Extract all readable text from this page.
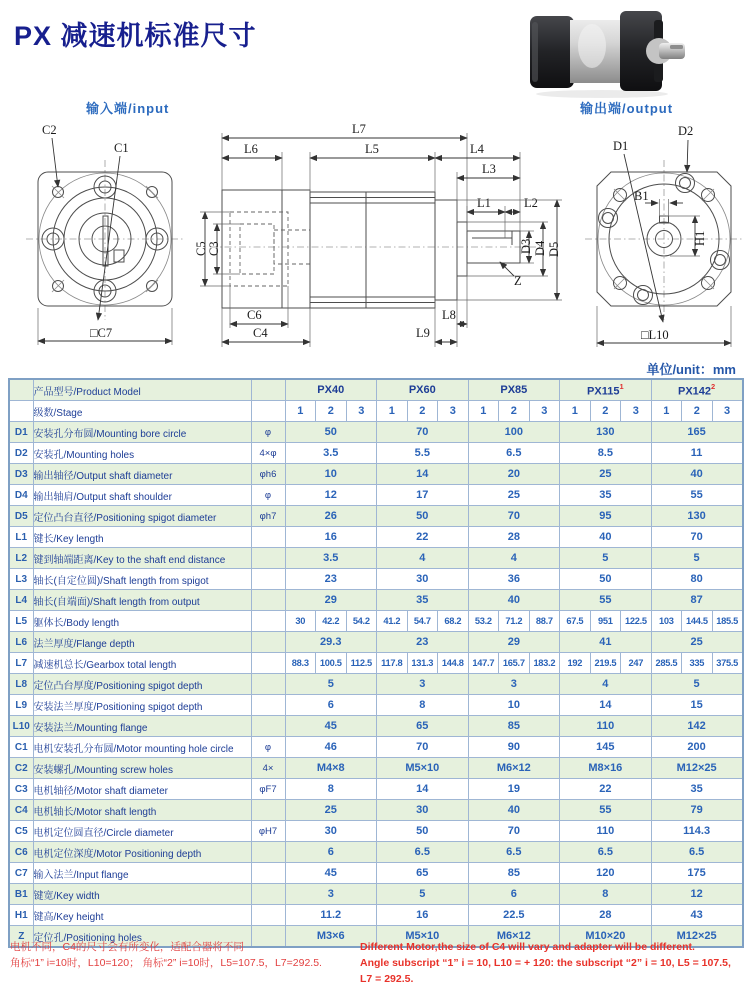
PX 减速机标准尺寸
输入端/input	输出端/output
C2
C1
□C7
L7
L6	L5	L4
L3
L1	L2
C5 C3	D3 D4 D5
Z
C6
C4	L9
L8
B1
H1
D1
D2
□L10
单位/unit：mm
	产品型号/Product Model		PX40			PX60			PX85			$PX115^1$			$PX142^2$
	级数/Stage		1	2	3	1	2	3	1	2	3	1	2	3	1	2	3
D1	安装孔分布圆/Mounting bore circle	φ	50			70			100			130			165		
D2	安装孔/Mounting holes	4×φ	3.5			5.5			6.5			8.5			11		
D3	输出轴径/Output shaft diameter	φh6	10			14			20			25			40		
D4	输出轴肩/Output shaft shoulder	φ	12			17			25			35			55		
D5	定位凸台直径/Positioning spigot diameter	φh7	26			50			70			95			130		
L1	键长/Key length		16			22			28			40			70		
L2	键到轴端距离/Key to the shaft end distance		3.5			4			4			5			5		
L3	轴长(自定位圆)/Shaft length from spigot		23			30			36			50			80		
L4	轴长(自端面)/Shaft length from output		29			35			40			55			87		
L5	躯体长/Body length		30	42.2	54.2	41.2	54.7	68.2	53.2	71.2	88.7	67.5	951	122.5	103	144.5	185.5
L6	法兰厚度/Flange depth		29.3			23			29			41			25		
L7	减速机总长/Gearbox total length		88.3	100.5	112.5	117.8	131.3	144.8	147.7	165.7	183.2	192	219.5	247	285.5	335	375.5
L8	定位凸台厚度/Positioning spigot depth		5			3			3			4			5		
L9	安装法兰厚度/Positioning spigot depth		6			8			10			14			15		
L10	安装法兰/Mounting flange		45			65			85			110			142		
C1	电机安装孔分布圆/Motor mounting hole circle	φ	46			70			90			145			200		
C2	安装螺孔/Mounting screw holes	4×	M4×8			M5×10			M6×12			M8×16			M12×25		
C3	电机轴径/Motor shaft diameter	φF7	8			14			19			22			35		
C4	电机轴长/Motor shaft length		25			30			40			55			79		
C5	电机定位圆直径/Circle diameter	φH7	30			50			70			110			114.3		
C6	电机定位深度/Motor Positioning depth		6			6.5			6.5			6.5			6.5		
C7	输入法兰/Input flange		45			65			85			120			175		
B1	键宽/Key width		3			5			6			8			12		
H1	键高/Key height		11.2			16			22.5			28			43		
Z	定位孔/Positioning holes		M3×6			M5×10			M6×12			M10×20			M12×25		
电机不同，C4的尺寸会有所变化，适配合器将不同
角标“1” i=10时，L10=120； 角标“2” i=10时，L5=107.5，L7=292.5.
Different Motor,the size of C4 will vary and adapter will be different.
Angle subscript “1” i = 10, L10 = + 120: the subscript “2” i = 10, L5 = 107.5, L7 = 292.5.
